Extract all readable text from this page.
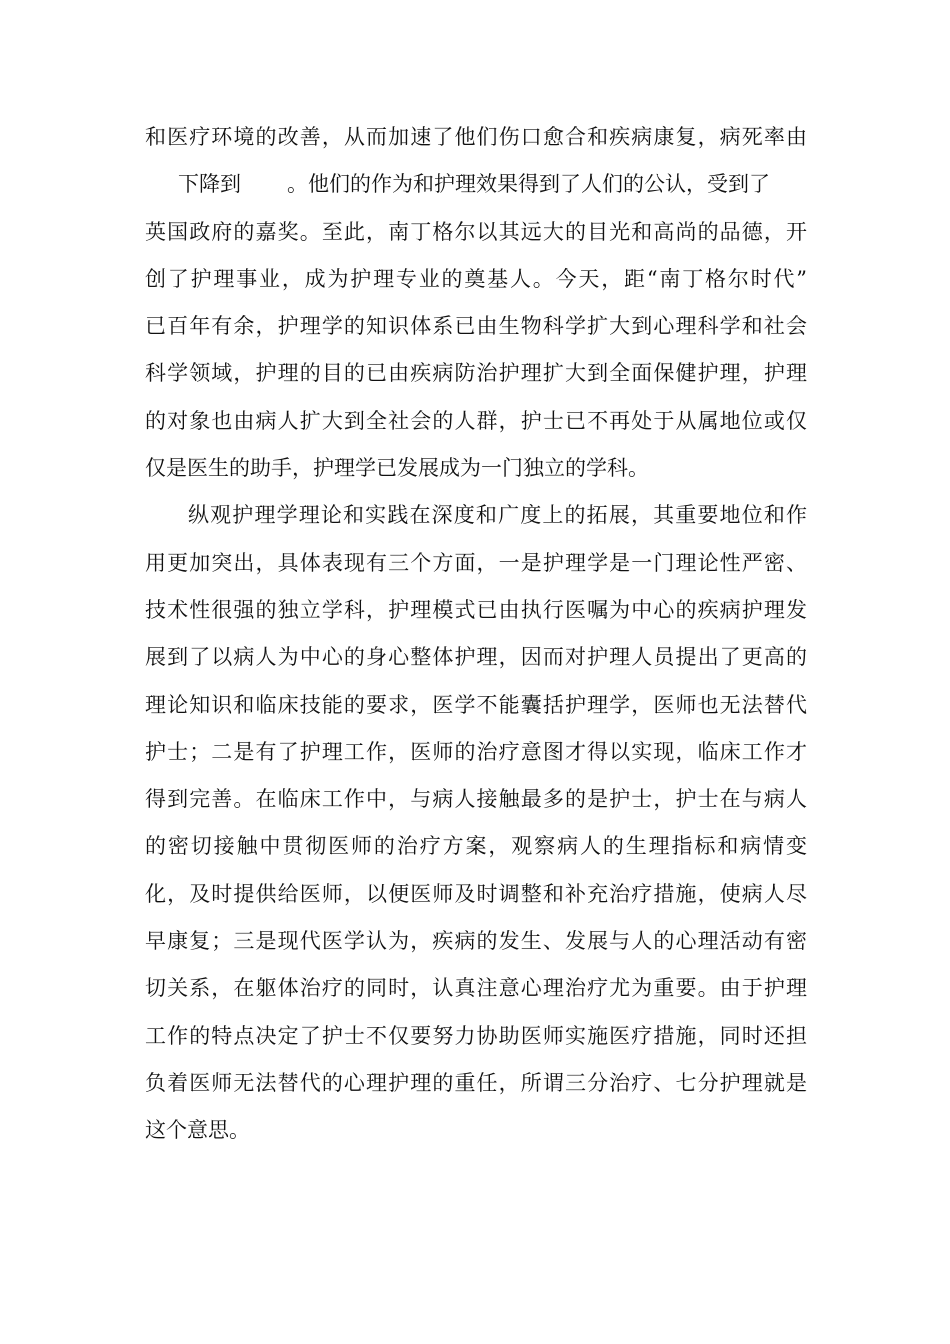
和医疗环境的改善，从而加速了他们伤口愈合和疾病康复，病死率由
下降到 。他们的作为和护理效果得到了人们的公认，受到了
英国政府的嘉奖。至此，南丁格尔以其远大的目光和高尚的品德，开
创了护理事业，成为护理专业的奠基人。今天，距“南丁格尔时代”
已百年有余，护理学的知识体系已由生物科学扩大到心理科学和社会
科学领域，护理的目的已由疾病防治护理扩大到全面保健护理，护理
的对象也由病人扩大到全社会的人群，护士已不再处于从属地位或仅
仅是医生的助手，护理学已发展成为一门独立的学科。
纵观护理学理论和实践在深度和广度上的拓展，其重要地位和作
用更加突出，具体表现有三个方面，一是护理学是一门理论性严密、
技术性很强的独立学科，护理模式已由执行医嘱为中心的疾病护理发
展到了以病人为中心的身心整体护理，因而对护理人员提出了更高的
理论知识和临床技能的要求，医学不能囊括护理学，医师也无法替代
护士；二是有了护理工作，医师的治疗意图才得以实现，临床工作才
得到完善。在临床工作中，与病人接触最多的是护士，护士在与病人
的密切接触中贯彻医师的治疗方案，观察病人的生理指标和病情变
化，及时提供给医师，以便医师及时调整和补充治疗措施，使病人尽
早康复；三是现代医学认为，疾病的发生、发展与人的心理活动有密
切关系，在躯体治疗的同时，认真注意心理治疗尤为重要。由于护理
工作的特点决定了护士不仅要努力协助医师实施医疗措施，同时还担
负着医师无法替代的心理护理的重任，所谓三分治疗、七分护理就是
这个意思。
